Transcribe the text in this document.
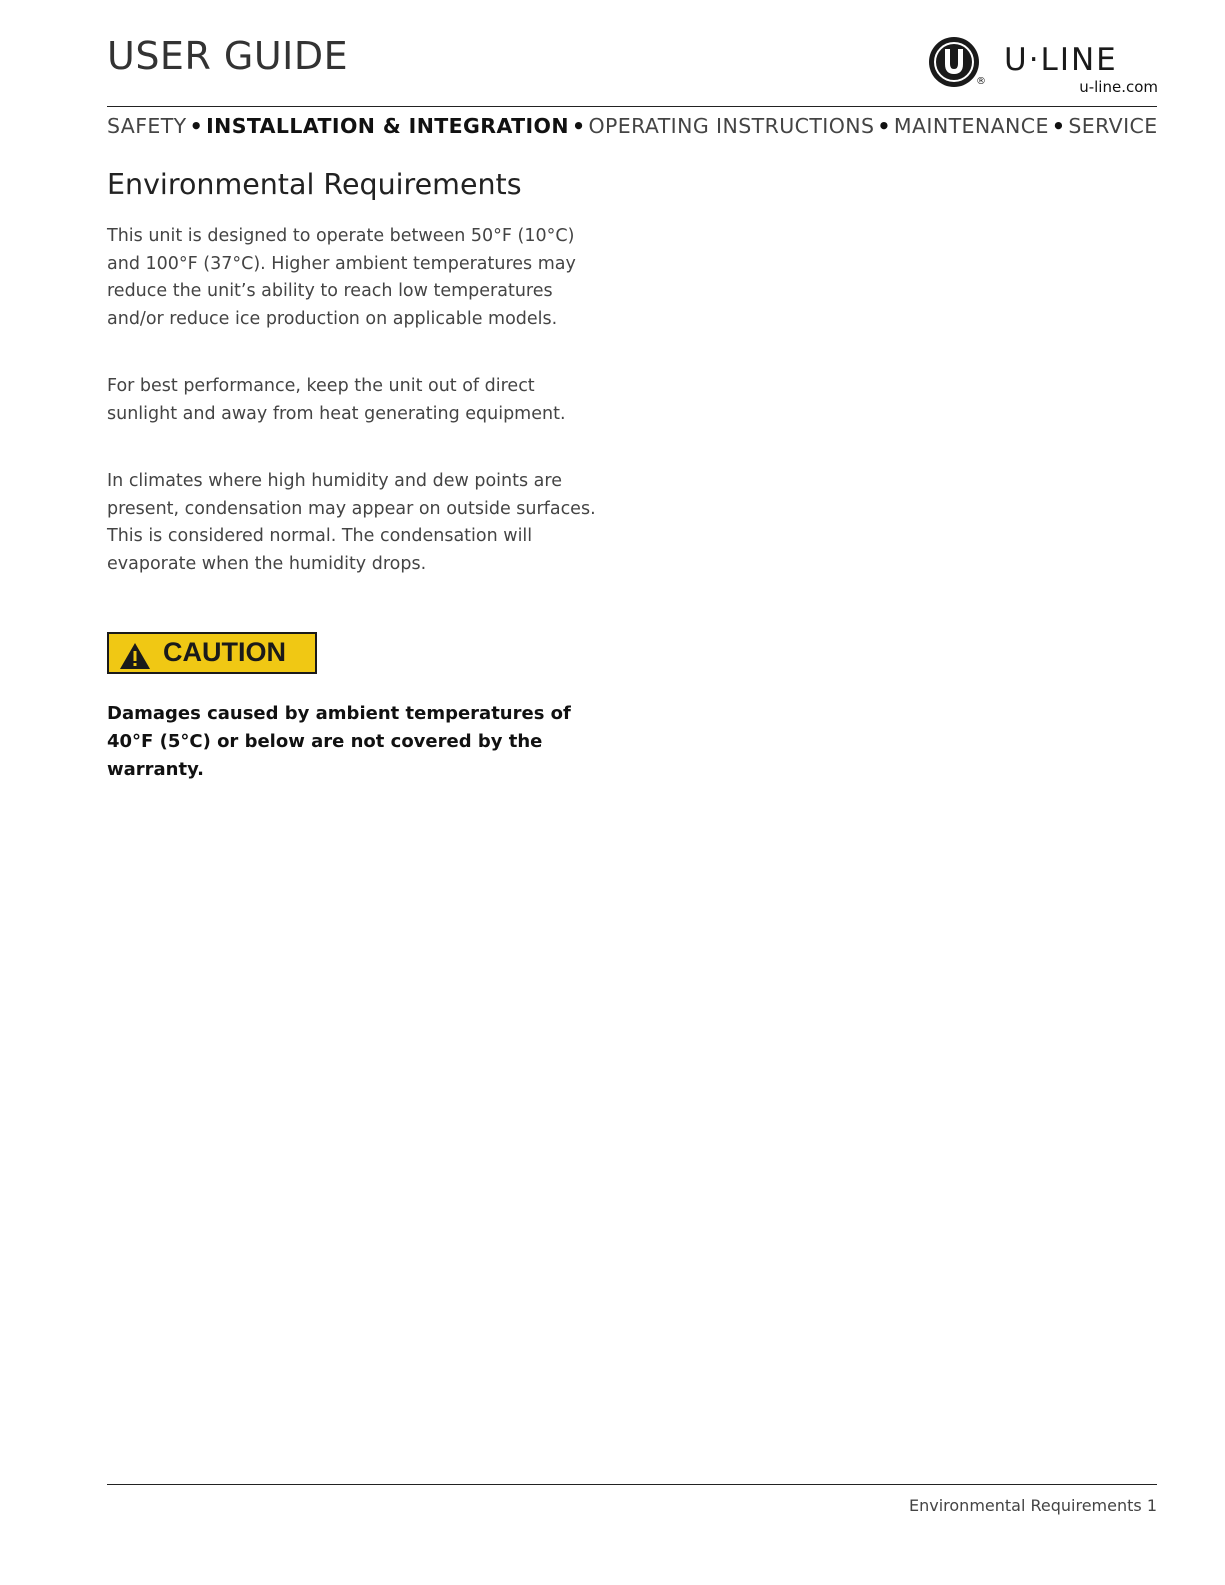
USER GUIDE
®
U·LINE
u-line.com
SAFETY • INSTALLATION & INTEGRATION • OPERATING INSTRUCTIONS • MAINTENANCE • SERVICE
Environmental Requirements
This unit is designed to operate between 50°F (10°C) and 100°F (37°C). Higher ambient temperatures may reduce the unit’s ability to reach low temperatures and/or reduce ice production on applicable models.
For best performance, keep the unit out of direct sunlight and away from heat generating equipment.
In climates where high humidity and dew points are present, condensation may appear on outside surfaces. This is considered normal. The condensation will evaporate when the humidity drops.
CAUTION
Damages caused by ambient temperatures of 40°F (5°C) or below are not covered by the warranty.
Environmental Requirements 1
